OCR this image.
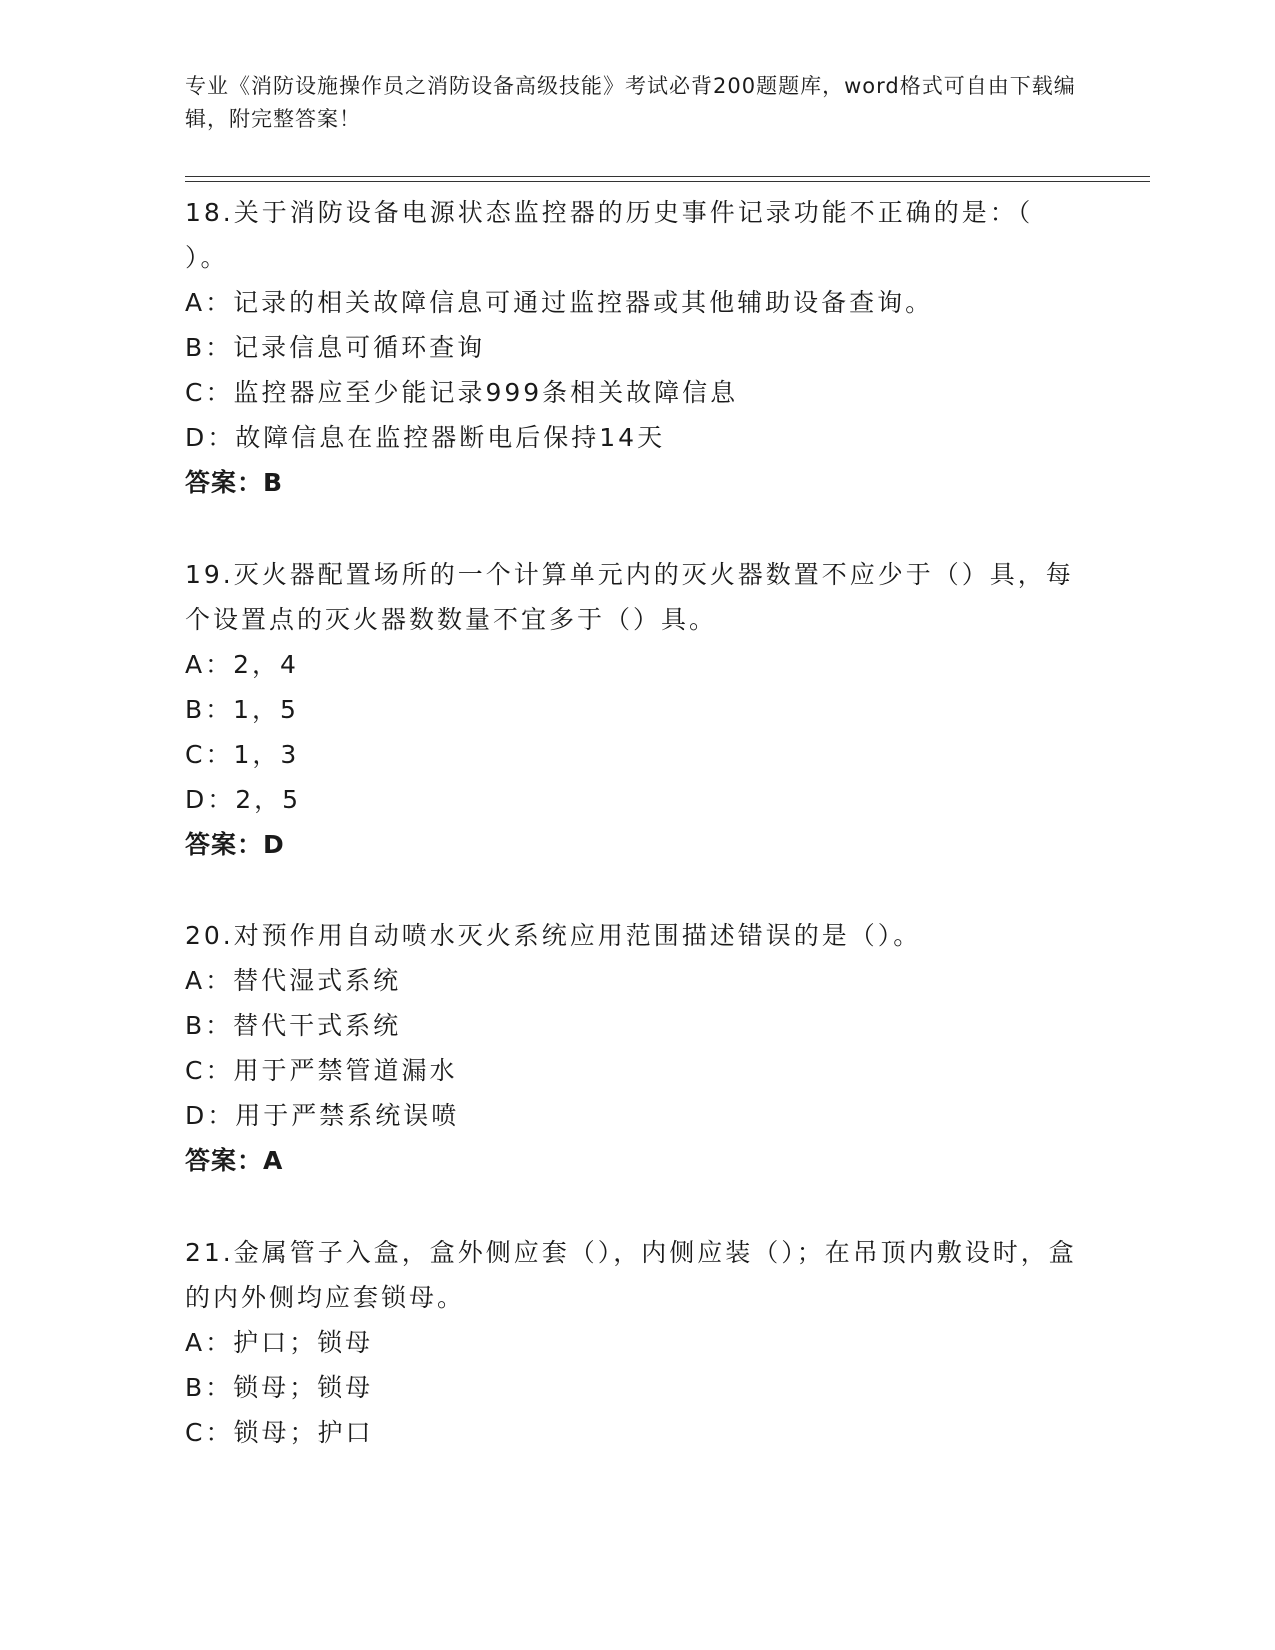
专业《消防设施操作员之消防设备高级技能》考试必背200题题库，word格式可自由下载编辑，附完整答案！

18.关于消防设备电源状态监控器的历史事件记录功能不正确的是：（ ）。

A：记录的相关故障信息可通过监控器或其他辅助设备查询。

B：记录信息可循环查询

C：监控器应至少能记录999条相关故障信息

D：故障信息在监控器断电后保持14天

答案：B

19.灭火器配置场所的一个计算单元内的灭火器数置不应少于（）具，每个设置点的灭火器数数量不宜多于（）具。

A：2，4

B：1，5

C：1，3

D：2，5

答案：D

20.对预作用自动喷水灭火系统应用范围描述错误的是（）。

A：替代湿式系统

B：替代干式系统

C：用于严禁管道漏水

D：用于严禁系统误喷

答案：A

21.金属管子入盒，盒外侧应套（），内侧应装（）；在吊顶内敷设时，盒的内外侧均应套锁母。

A：护口；锁母

B：锁母；锁母

C：锁母；护口
